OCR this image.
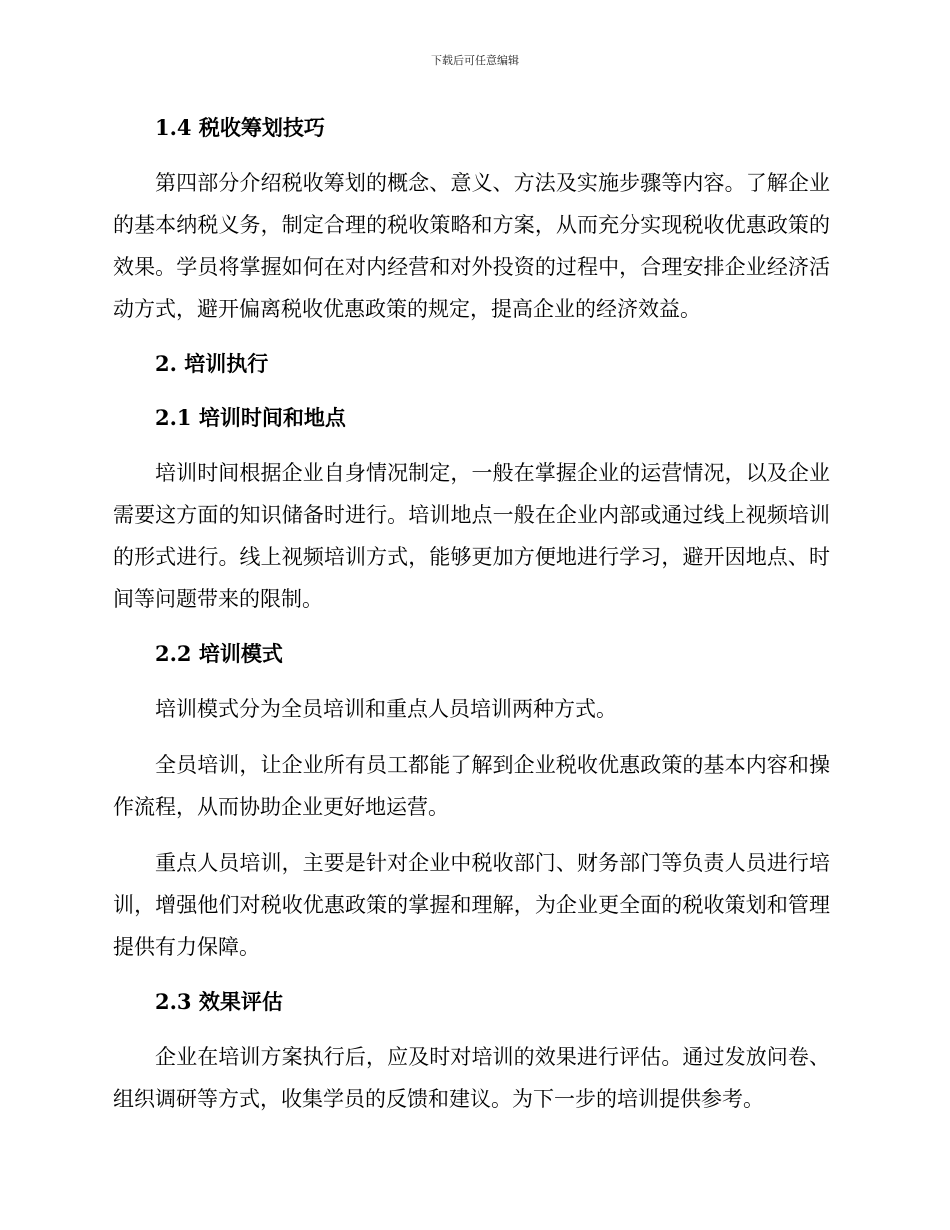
下载后可任意编辑
1.4 税收筹划技巧

第四部分介绍税收筹划的概念、意义、方法及实施步骤等内容。了解企业的基本纳税义务，制定合理的税收策略和方案，从而充分实现税收优惠政策的效果。学员将掌握如何在对内经营和对外投资的过程中，合理安排企业经济活动方式，避开偏离税收优惠政策的规定，提高企业的经济效益。

2. 培训执行
2.1 培训时间和地点

培训时间根据企业自身情况制定，一般在掌握企业的运营情况，以及企业需要这方面的知识储备时进行。培训地点一般在企业内部或通过线上视频培训的形式进行。线上视频培训方式，能够更加方便地进行学习，避开因地点、时间等问题带来的限制。

2.2 培训模式

培训模式分为全员培训和重点人员培训两种方式。

全员培训，让企业所有员工都能了解到企业税收优惠政策的基本内容和操作流程，从而协助企业更好地运营。

重点人员培训，主要是针对企业中税收部门、财务部门等负责人员进行培训，增强他们对税收优惠政策的掌握和理解，为企业更全面的税收策划和管理提供有力保障。

2.3 效果评估

企业在培训方案执行后，应及时对培训的效果进行评估。通过发放问卷、组织调研等方式，收集学员的反馈和建议。为下一步的培训提供参考。
